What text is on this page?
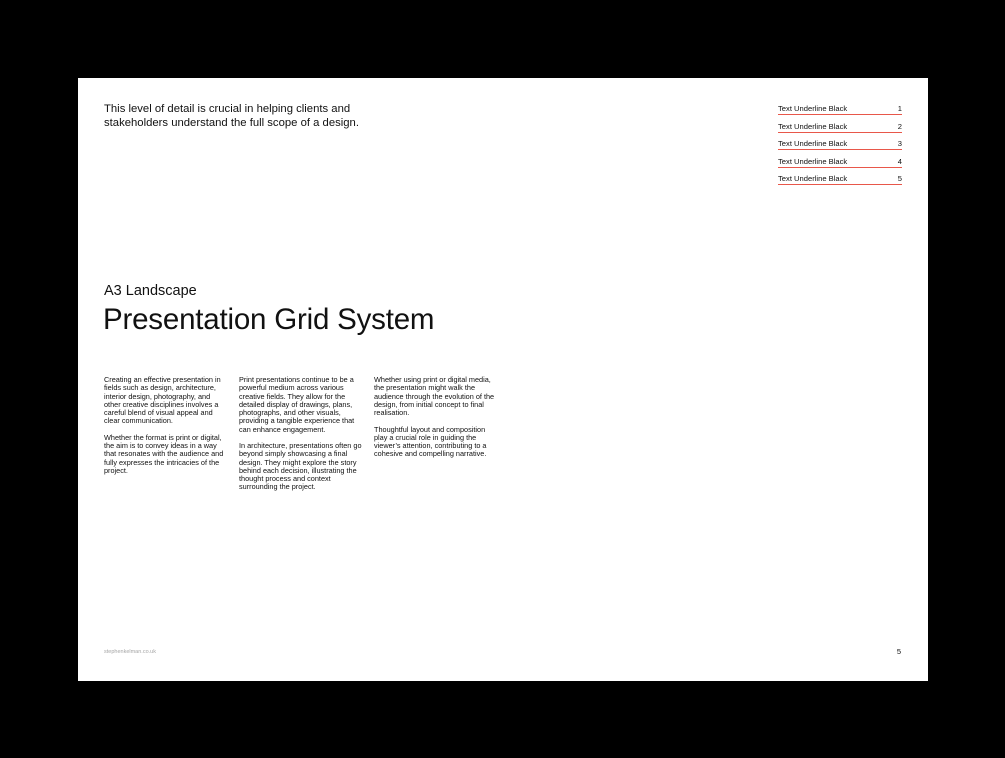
This level of detail is crucial in helping clients and stakeholders understand the full scope of a design.

Text Underline Black	1
Text Underline Black	2
Text Underline Black	3
Text Underline Black	4
Text Underline Black	5
A3 Landscape
Presentation Grid System

Creating an effective presentation in fields such as design, architecture, interior design, photography, and other creative disciplines involves a careful blend of visual appeal and clear communication.

Whether the format is print or digital, the aim is to convey ideas in a way that resonates with the audience and fully expresses the intricacies of the project.

Print presentations continue to be a powerful medium across various creative fields. They allow for the detailed display of drawings, plans, photographs, and other visuals, providing a tangible experience that can enhance engagement.

In architecture, presentations often go beyond simply showcasing a final design. They might explore the story behind each decision, illustrating the thought process and context surrounding the project.

Whether using print or digital media, the presentation might walk the audience through the evolution of the design, from initial concept to final realisation.

Thoughtful layout and composition play a crucial role in guiding the viewer’s attention, contributing to a cohesive and compelling narrative.

stephenkelman.co.uk	5
